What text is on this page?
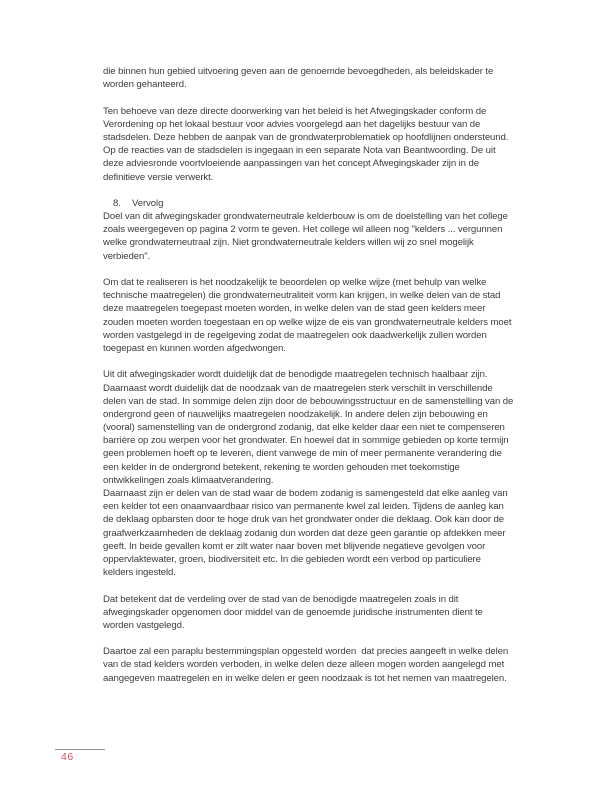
die binnen hun gebied uitvoering geven aan de genoemde bevoegdheden, als beleidskader te
worden gehanteerd.
Ten behoeve van deze directe doorwerking van het beleid is het Afwegingskader conform de
Verordening op het lokaal bestuur voor advies voorgelegd aan het dagelijks bestuur van de
stadsdelen. Deze hebben de aanpak van de grondwaterproblematiek op hoofdlijnen ondersteund.
Op de reacties van de stadsdelen is ingegaan in een separate Nota van Beantwoording. De uit
deze adviesronde voortvloeiende aanpassingen van het concept Afwegingskader zijn in de
definitieve versie verwerkt.
8. Vervolg
Doel van dit afwegingskader grondwaterneutrale kelderbouw is om de doelstelling van het college
zoals weergegeven op pagina 2 vorm te geven. Het college wil alleen nog "kelders ... vergunnen
welke grondwaterneutraal zijn. Niet grondwaterneutrale kelders willen wij zo snel mogelijk
verbieden".
Om dat te realiseren is het noodzakelijk te beoordelen op welke wijze (met behulp van welke
technische maatregelen) die grondwaterneutraliteit vorm kan krijgen, in welke delen van de stad
deze maatregelen toegepast moeten worden, in welke delen van de stad geen kelders meer
zouden moeten worden toegestaan en op welke wijze de eis van grondwaterneutrale kelders moet
worden vastgelegd in de regelgeving zodat de maatregelen ook daadwerkelijk zullen worden
toegepast en kunnen worden afgedwongen.
Uit dit afwegingskader wordt duidelijk dat de benodigde maatregelen technisch haalbaar zijn.
Daarnaast wordt duidelijk dat de noodzaak van de maatregelen sterk verschilt in verschillende
delen van de stad. In sommige delen zijn door de bebouwingsstructuur en de samenstelling van de
ondergrond geen of nauwelijks maatregelen noodzakelijk. In andere delen zijn bebouwing en
(vooral) samenstelling van de ondergrond zodanig, dat elke kelder daar een niet te compenseren
barrière op zou werpen voor het grondwater. En hoewel dat in sommige gebieden op korte termijn
geen problemen hoeft op te leveren, dient vanwege de min of meer permanente verandering die
een kelder in de ondergrond betekent, rekening te worden gehouden met toekomstige
ontwikkelingen zoals klimaatverandering.
Daarnaast zijn er delen van de stad waar de bodem zodanig is samengesteld dat elke aanleg van
een kelder tot een onaanvaardbaar risico van permanente kwel zal leiden. Tijdens de aanleg kan
de deklaag opbarsten door te hoge druk van het grondwater onder die deklaag. Ook kan door de
graafwerkzaamheden de deklaag zodanig dun worden dat deze geen garantie op afdekken meer
geeft. In beide gevallen komt er zilt water naar boven met blijvende negatieve gevolgen voor
oppervlaktewater, groen, biodiversiteit etc. In die gebieden wordt een verbod op particuliere
kelders ingesteld.
Dat betekent dat de verdeling over de stad van de benodigde maatregelen zoals in dit
afwegingskader opgenomen door middel van de genoemde juridische instrumenten dient te
worden vastgelegd.
Daartoe zal een paraplu bestemmingsplan opgesteld worden  dat precies aangeeft in welke delen
van de stad kelders worden verboden, in welke delen deze alleen mogen worden aangelegd met
aangegeven maatregelen en in welke delen er geen noodzaak is tot het nemen van maatregelen.
46
